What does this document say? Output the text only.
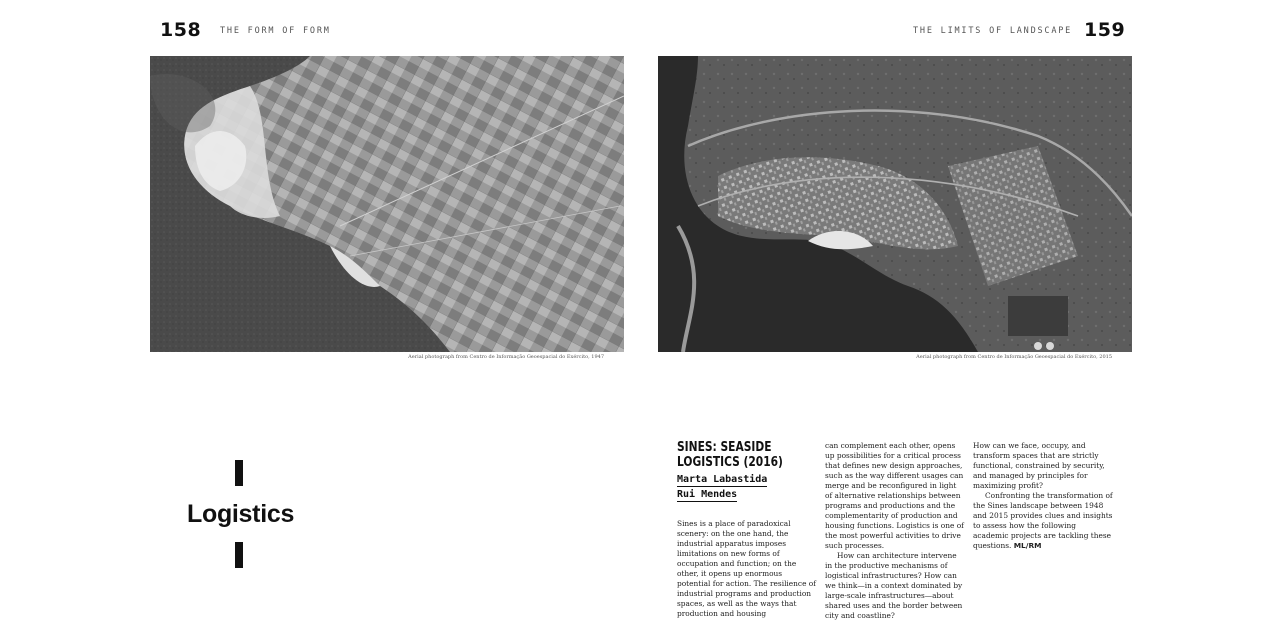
158 THE FORM OF FORM	THE LIMITS OF LANDSCAPE 159
Aerial photograph from Centro de Informação Geoespacial do Exército, 1947	Aerial photograph from Centro de Informação Geoespacial do Exército, 2015
Logistics
SINES: SEASIDE
LOGISTICS (2016)
Marta Labastida
Rui Mendes

Sines is a place of paradoxical scenery: on the one hand, the industrial apparatus imposes limitations on new forms of occupation and function; on the other, it opens up enormous potential for action. The resilience of industrial programs and production spaces, as well as the ways that production and housing

can complement each other, opens up possibilities for a critical process that defines new design approaches, such as the way different usages can merge and be reconfigured in light of alternative relationships between programs and productions and the complementarity of production and housing functions. Logistics is one of the most powerful activities to drive such processes.

How can architecture intervene in the productive mechanisms of logistical infrastructures? How can we think—in a context dominated by large-scale infrastructures—about shared uses and the border between city and coastline?

How can we face, occupy, and transform spaces that are strictly functional, constrained by security, and managed by principles for maximizing profit?

Confronting the transformation of the Sines landscape between 1948 and 2015 provides clues and insights to assess how the following academic projects are tackling these questions. ML/RM
